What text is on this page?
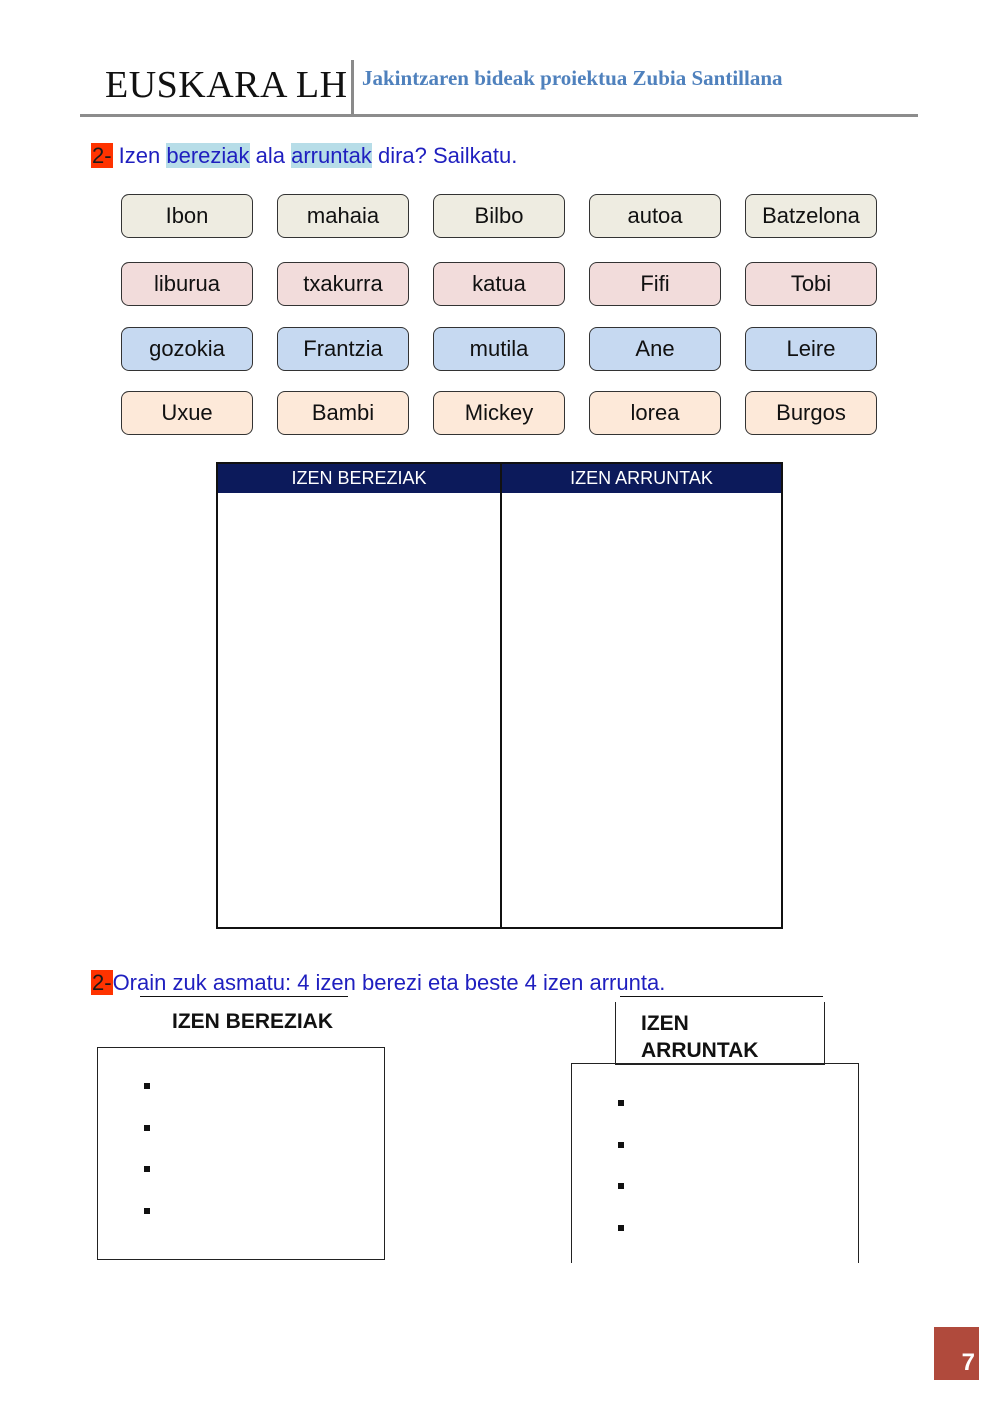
EUSKARA LH Jakintzaren bideak proiektua Zubia Santillana
2- Izen bereziak ala arruntak dira? Sailkatu.
Ibon	mahaia	Bilbo	autoa	Batzelona
liburua	txakurra	katua	Fifi	Tobi
gozokia	Frantzia	mutila	Ane	Leire
Uxue	Bambi	Mickey	lorea	Burgos
IZEN BEREZIAK	IZEN ARRUNTAK
2-Orain zuk asmatu: 4 izen berezi eta beste 4 izen arrunta.
IZEN BEREZIAK	IZEN
ARRUNTAK
7
